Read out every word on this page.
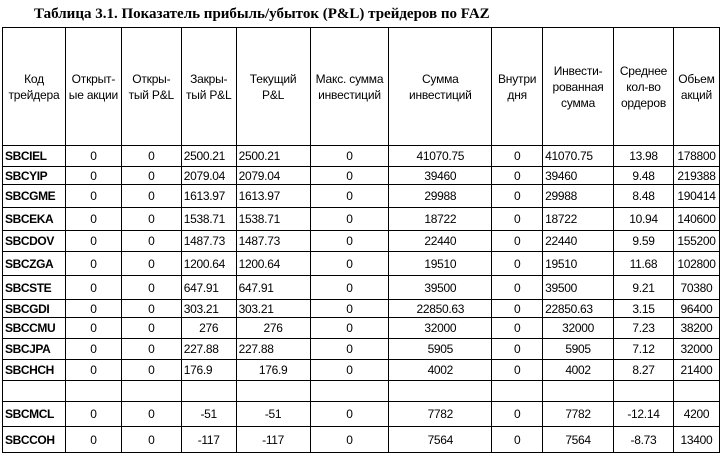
Таблица 3.1. Показатель прибыль/убыток (P&L) трейдеров по FAZ
Код трейдера	Открыт-ые акции	Откры-тый P&L	Закры-тый P&L	Текущий P&L	Макс. сумма инвестиций	Сумма инвестиций	Внутри дня	Инвести-рованная сумма	Среднее кол-во ордеров	Обьем акций
SBCIEL	0	0	2500.21	2500.21	0	41070.75	0	41070.75	13.98	178800
SBCYIP	0	0	2079.04	2079.04	0	39460	0	39460	9.48	219388
SBCGME	0	0	1613.97	1613.97	0	29988	0	29988	8.48	190414
SBCEKA	0	0	1538.71	1538.71	0	18722	0	18722	10.94	140600
SBCDOV	0	0	1487.73	1487.73	0	22440	0	22440	9.59	155200
SBCZGA	0	0	1200.64	1200.64	0	19510	0	19510	11.68	102800
SBCSTE	0	0	647.91	647.91	0	39500	0	39500	9.21	70380
SBCGDI	0	0	303.21	303.21	0	22850.63	0	22850.63	3.15	96400
SBCCMU	0	0	276	276	0	32000	0	32000	7.23	38200
SBCJPA	0	0	227.88	227.88	0	5905	0	5905	7.12	32000
SBCHCH	0	0	176.9	176.9	0	4002	0	4002	8.27	21400

SBCMCL	0	0	-51	-51	0	7782	0	7782	-12.14	4200
SBCCOH	0	0	-117	-117	0	7564	0	7564	-8.73	13400
